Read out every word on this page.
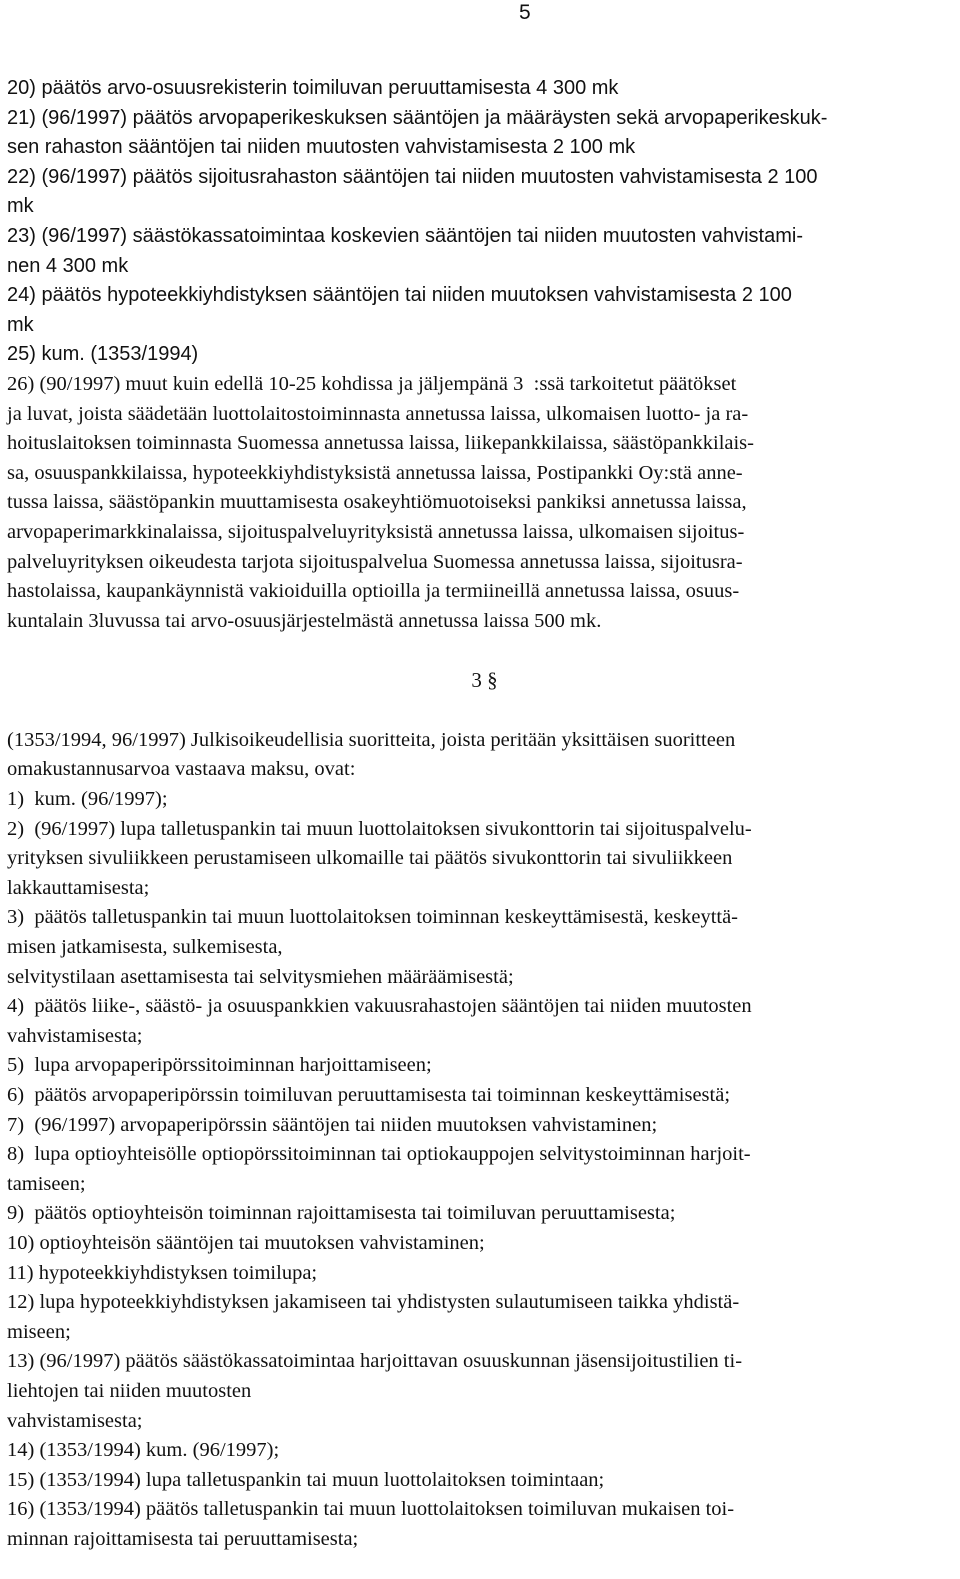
5
20) päätös arvo-osuusrekisterin toimiluvan peruuttamisesta 4 300 mk
21) (96/1997) päätös arvopaperikeskuksen sääntöjen ja määräysten sekä arvopaperikeskuk-
sen rahaston sääntöjen tai niiden muutosten vahvistamisesta 2 100 mk
22) (96/1997) päätös sijoitusrahaston sääntöjen tai niiden muutosten vahvistamisesta 2 100
mk
23) (96/1997) säästökassatoimintaa koskevien sääntöjen tai niiden muutosten vahvistami-
nen 4 300 mk
24) päätös hypoteekkiyhdistyksen sääntöjen tai niiden muutoksen vahvistamisesta 2 100
mk
25) kum. (1353/1994)
26) (90/1997) muut kuin edellä 10-25 kohdissa ja jäljempänä 3  :ssä tarkoitetut päätökset
ja luvat, joista säädetään luottolaitostoiminnasta annetussa laissa, ulkomaisen luotto- ja ra-
hoituslaitoksen toiminnasta Suomessa annetussa laissa, liikepankkilaissa, säästöpankkilais-
sa, osuuspankkilaissa, hypoteekkiyhdistyksistä annetussa laissa, Postipankki Oy:stä anne-
tussa laissa, säästöpankin muuttamisesta osakeyhtiömuotoiseksi pankiksi annetussa laissa,
arvopaperimarkkinalaissa, sijoituspalveluyrityksistä annetussa laissa, ulkomaisen sijoitus-
palveluyrityksen oikeudesta tarjota sijoituspalvelua Suomessa annetussa laissa, sijoitusra-
hastolaissa, kaupankäynnistä vakioiduilla optioilla ja termiineillä annetussa laissa, osuus-
kuntalain 3luvussa tai arvo-osuusjärjestelmästä annetussa laissa 500 mk.
3 §
(1353/1994, 96/1997) Julkisoikeudellisia suoritteita, joista peritään yksittäisen suoritteen
omakustannusarvoa vastaava maksu, ovat:
1)  kum. (96/1997);
2)  (96/1997) lupa talletuspankin tai muun luottolaitoksen sivukonttorin tai sijoituspalvelu-
yrityksen sivuliikkeen perustamiseen ulkomaille tai päätös sivukonttorin tai sivuliikkeen
lakkauttamisesta;
3)  päätös talletuspankin tai muun luottolaitoksen toiminnan keskeyttämisestä, keskeyttä-
misen jatkamisesta, sulkemisesta,
selvitystilaan asettamisesta tai selvitysmiehen määräämisestä;
4)  päätös liike-, säästö- ja osuuspankkien vakuusrahastojen sääntöjen tai niiden muutosten
vahvistamisesta;
5)  lupa arvopaperipörssitoiminnan harjoittamiseen;
6)  päätös arvopaperipörssin toimiluvan peruuttamisesta tai toiminnan keskeyttämisestä;
7)  (96/1997) arvopaperipörssin sääntöjen tai niiden muutoksen vahvistaminen;
8)  lupa optioyhteisölle optiopörssitoiminnan tai optiokauppojen selvitystoiminnan harjoit-
tamiseen;
9)  päätös optioyhteisön toiminnan rajoittamisesta tai toimiluvan peruuttamisesta;
10) optioyhteisön sääntöjen tai muutoksen vahvistaminen;
11) hypoteekkiyhdistyksen toimilupa;
12) lupa hypoteekkiyhdistyksen jakamiseen tai yhdistysten sulautumiseen taikka yhdistä-
miseen;
13) (96/1997) päätös säästökassatoimintaa harjoittavan osuuskunnan jäsensijoitustilien ti-
liehtojen tai niiden muutosten
vahvistamisesta;
14) (1353/1994) kum. (96/1997);
15) (1353/1994) lupa talletuspankin tai muun luottolaitoksen toimintaan;
16) (1353/1994) päätös talletuspankin tai muun luottolaitoksen toimiluvan mukaisen toi-
minnan rajoittamisesta tai peruuttamisesta;
